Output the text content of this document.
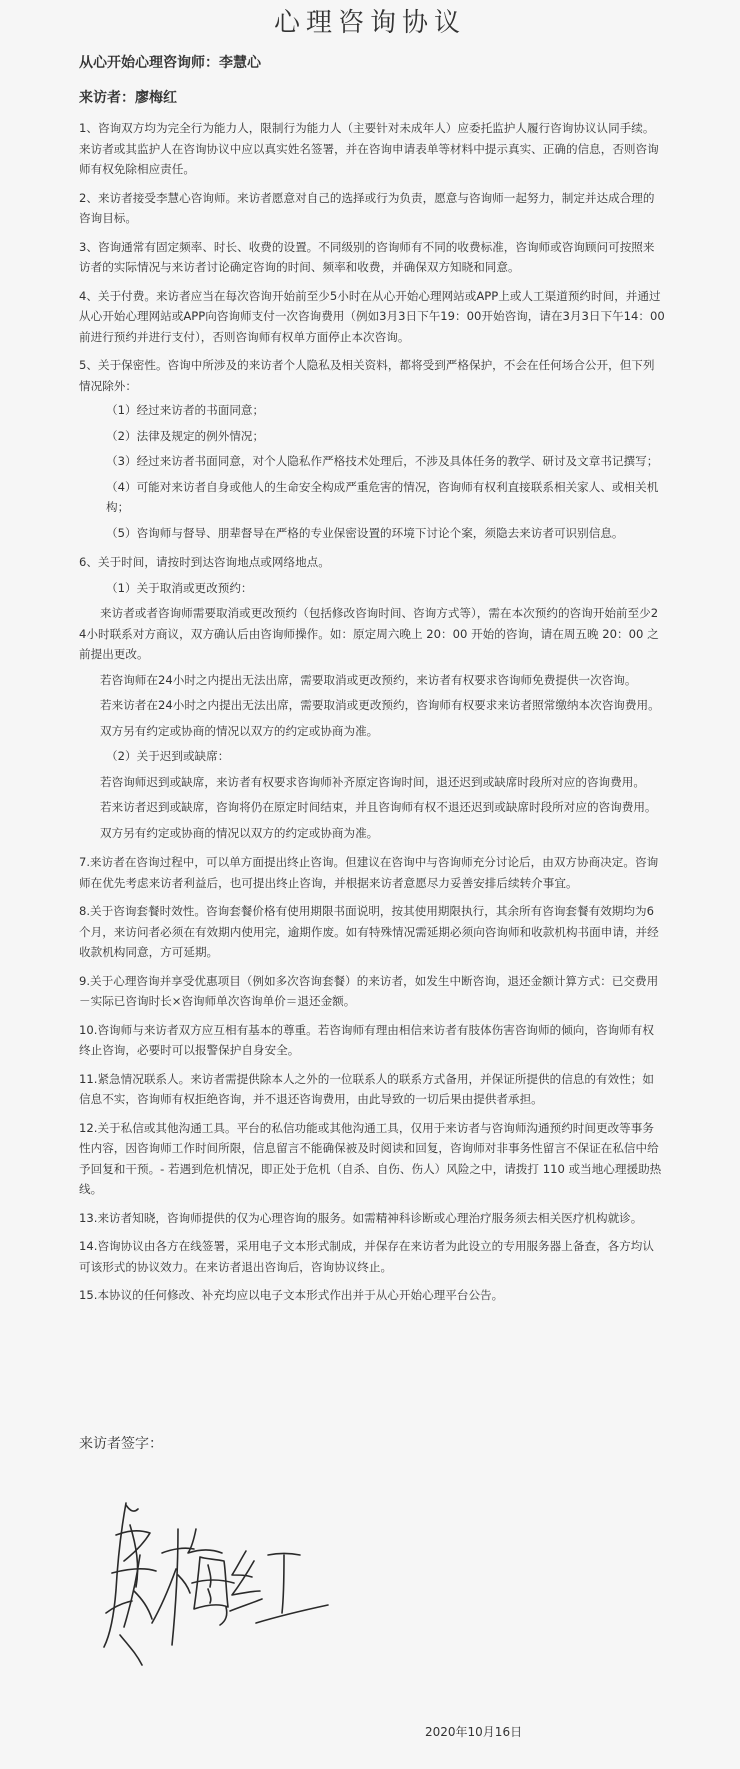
心理咨询协议
从心开始心理咨询师：李慧心
来访者：廖梅红

1、咨询双方均为完全行为能力人，限制行为能力人（主要针对未成年人）应委托监护人履行咨询协议认同手续。来访者或其监护人在咨询协议中应以真实姓名签署，并在咨询申请表单等材料中提示真实、正确的信息，否则咨询师有权免除相应责任。

2、来访者接受李慧心咨询师。来访者愿意对自己的选择或行为负责，愿意与咨询师一起努力，制定并达成合理的咨询目标。

3、咨询通常有固定频率、时长、收费的设置。不同级别的咨询师有不同的收费标准，咨询师或咨询顾问可按照来访者的实际情况与来访者讨论确定咨询的时间、频率和收费，并确保双方知晓和同意。

4、关于付费。来访者应当在每次咨询开始前至少5小时在从心开始心理网站或APP上或人工渠道预约时间，并通过从心开始心理网站或APP向咨询师支付一次咨询费用（例如3月3日下午19：00开始咨询，请在3月3日下午14：00前进行预约并进行支付），否则咨询师有权单方面停止本次咨询。

5、关于保密性。咨询中所涉及的来访者个人隐私及相关资料，都将受到严格保护，不会在任何场合公开，但下列情况除外：

（1）经过来访者的书面同意；
（2）法律及规定的例外情况；
（3）经过来访者书面同意，对个人隐私作严格技术处理后，不涉及具体任务的教学、研讨及文章书记撰写；
（4）可能对来访者自身或他人的生命安全构成严重危害的情况，咨询师有权利直接联系相关家人、或相关机构；
（5）咨询师与督导、朋辈督导在严格的专业保密设置的环境下讨论个案，须隐去来访者可识别信息。
6、关于时间，请按时到达咨询地点或网络地点。
（1）关于取消或更改预约：
来访者或者咨询师需要取消或更改预约（包括修改咨询时间、咨询方式等），需在本次预约的咨询开始前至少24小时联系对方商议，双方确认后由咨询师操作。如：原定周六晚上 20：00 开始的咨询，请在周五晚 20：00 之前提出更改。
若咨询师在24小时之内提出无法出席，需要取消或更改预约，来访者有权要求咨询师免费提供一次咨询。
若来访者在24小时之内提出无法出席，需要取消或更改预约，咨询师有权要求来访者照常缴纳本次咨询费用。
双方另有约定或协商的情况以双方的约定或协商为准。
（2）关于迟到或缺席：
若咨询师迟到或缺席，来访者有权要求咨询师补齐原定咨询时间，退还迟到或缺席时段所对应的咨询费用。
若来访者迟到或缺席，咨询将仍在原定时间结束，并且咨询师有权不退还迟到或缺席时段所对应的咨询费用。
双方另有约定或协商的情况以双方的约定或协商为准。

7.来访者在咨询过程中，可以单方面提出终止咨询。但建议在咨询中与咨询师充分讨论后，由双方协商决定。咨询师在优先考虑来访者利益后，也可提出终止咨询，并根据来访者意愿尽力妥善安排后续转介事宜。

8.关于咨询套餐时效性。咨询套餐价格有使用期限书面说明，按其使用期限执行，其余所有咨询套餐有效期均为6个月，来访问者必须在有效期内使用完，逾期作废。如有特殊情况需延期必须向咨询师和收款机构书面申请，并经收款机构同意，方可延期。

9.关于心理咨询并享受优惠项目（例如多次咨询套餐）的来访者，如发生中断咨询，退还金额计算方式：已交费用－实际已咨询时长×咨询师单次咨询单价＝退还金额。

10.咨询师与来访者双方应互相有基本的尊重。若咨询师有理由相信来访者有肢体伤害咨询师的倾向，咨询师有权终止咨询，必要时可以报警保护自身安全。

11.紧急情况联系人。来访者需提供除本人之外的一位联系人的联系方式备用，并保证所提供的信息的有效性；如信息不实，咨询师有权拒绝咨询，并不退还咨询费用，由此导致的一切后果由提供者承担。

12.关于私信或其他沟通工具。平台的私信功能或其他沟通工具，仅用于来访者与咨询师沟通预约时间更改等事务性内容，因咨询师工作时间所限，信息留言不能确保被及时阅读和回复，咨询师对非事务性留言不保证在私信中给予回复和干预。- 若遇到危机情况，即正处于危机（自杀、自伤、伤人）风险之中，请拨打 110 或当地心理援助热线。

13.来访者知晓，咨询师提供的仅为心理咨询的服务。如需精神科诊断或心理治疗服务须去相关医疗机构就诊。

14.咨询协议由各方在线签署，采用电子文本形式制成，并保存在来访者为此设立的专用服务器上备查，各方均认可该形式的协议效力。在来访者退出咨询后，咨询协议终止。

15.本协议的任何修改、补充均应以电子文本形式作出并于从心开始心理平台公告。

来访者签字：
2020年10月16日
